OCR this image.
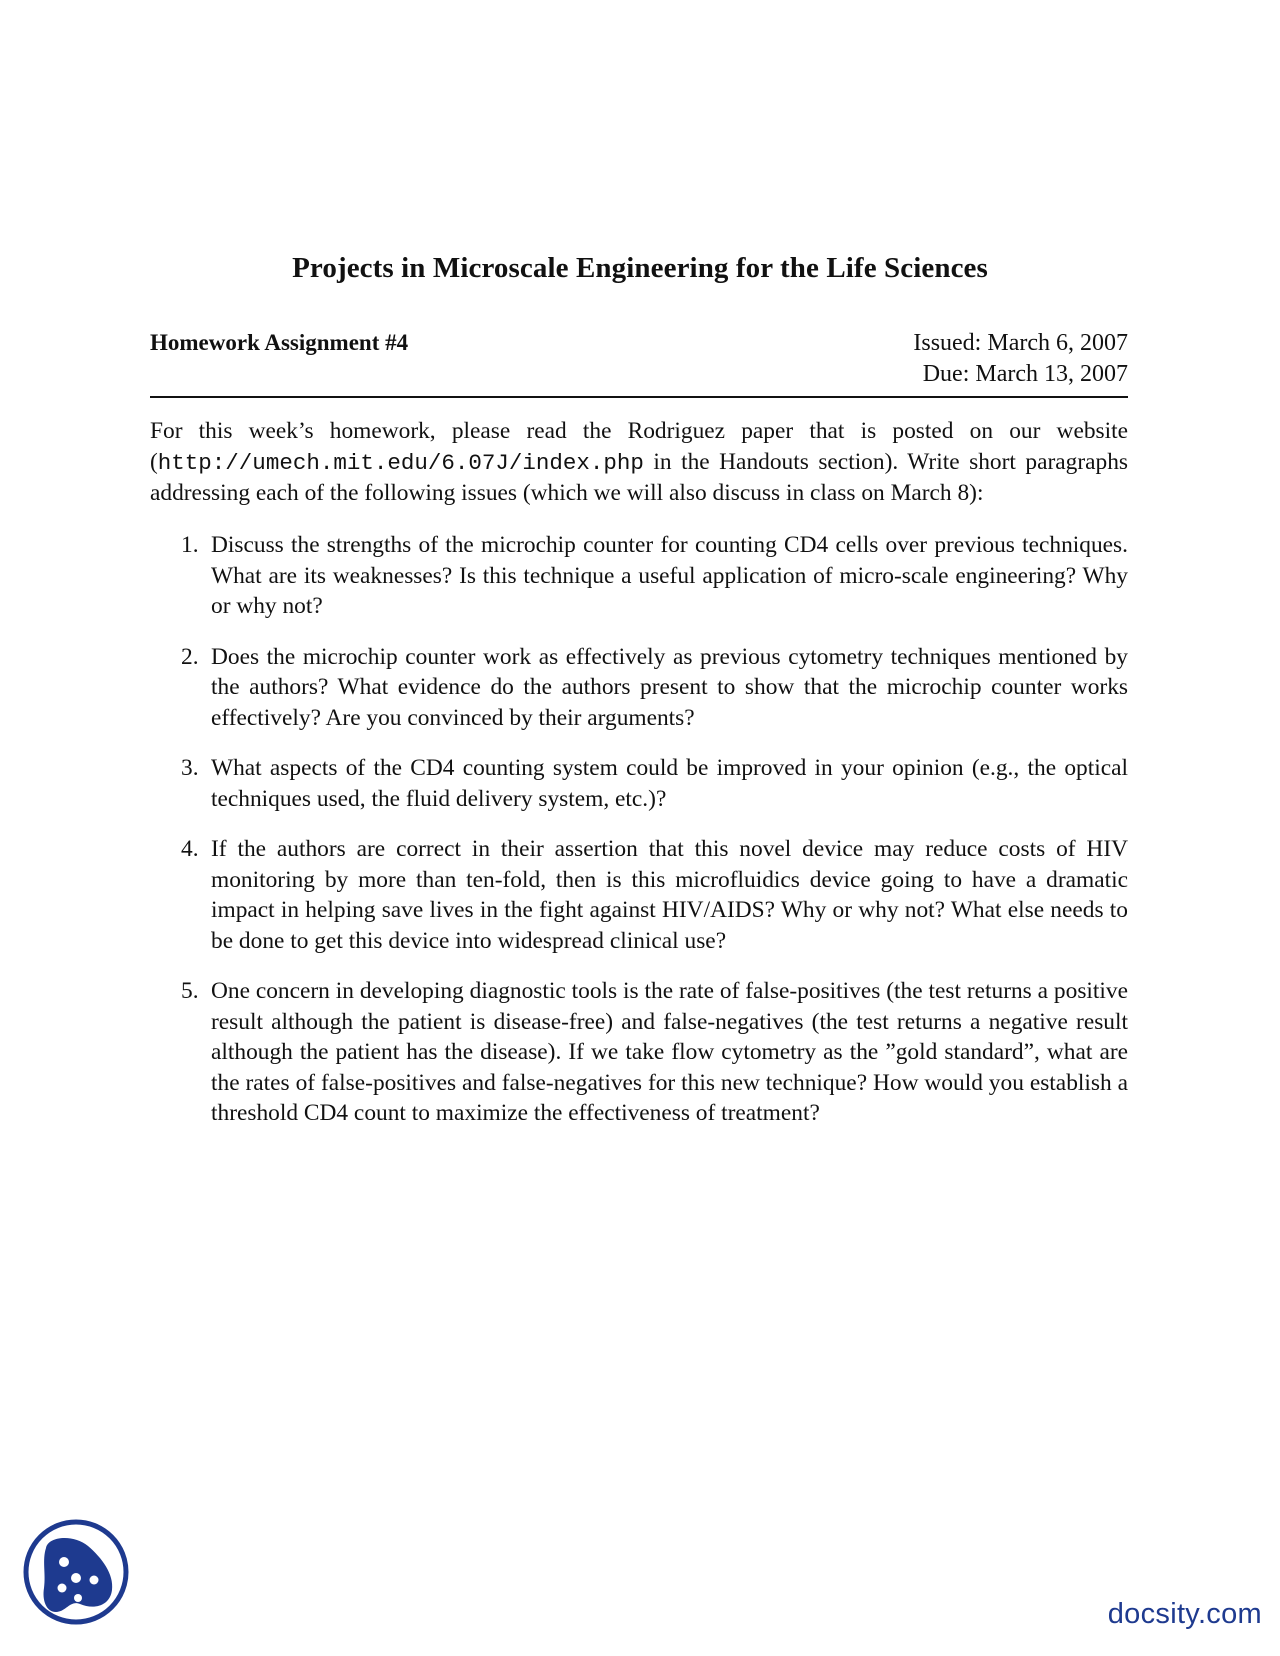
Projects in Microscale Engineering for the Life Sciences
Homework Assignment #4	Issued: March 6, 2007
Due: March 13, 2007
For this week’s homework, please read the Rodriguez paper that is posted on our website (http://umech.mit.edu/6.07J/index.php in the Handouts section). Write short paragraphs addressing each of the following issues (which we will also discuss in class on March 8):
1. Discuss the strengths of the microchip counter for counting CD4 cells over previous techniques. What are its weaknesses? Is this technique a useful application of micro-scale engineering? Why or why not?
2. Does the microchip counter work as effectively as previous cytometry techniques mentioned by the authors? What evidence do the authors present to show that the microchip counter works effectively? Are you convinced by their arguments?
3. What aspects of the CD4 counting system could be improved in your opinion (e.g., the optical techniques used, the fluid delivery system, etc.)?
4. If the authors are correct in their assertion that this novel device may reduce costs of HIV monitoring by more than ten-fold, then is this microfluidics device going to have a dramatic impact in helping save lives in the fight against HIV/AIDS? Why or why not? What else needs to be done to get this device into widespread clinical use?
5. One concern in developing diagnostic tools is the rate of false-positives (the test returns a positive result although the patient is disease-free) and false-negatives (the test returns a negative result although the patient has the disease). If we take flow cytometry as the ”gold standard”, what are the rates of false-positives and false-negatives for this new technique? How would you establish a threshold CD4 count to maximize the effectiveness of treatment?
docsity.com
